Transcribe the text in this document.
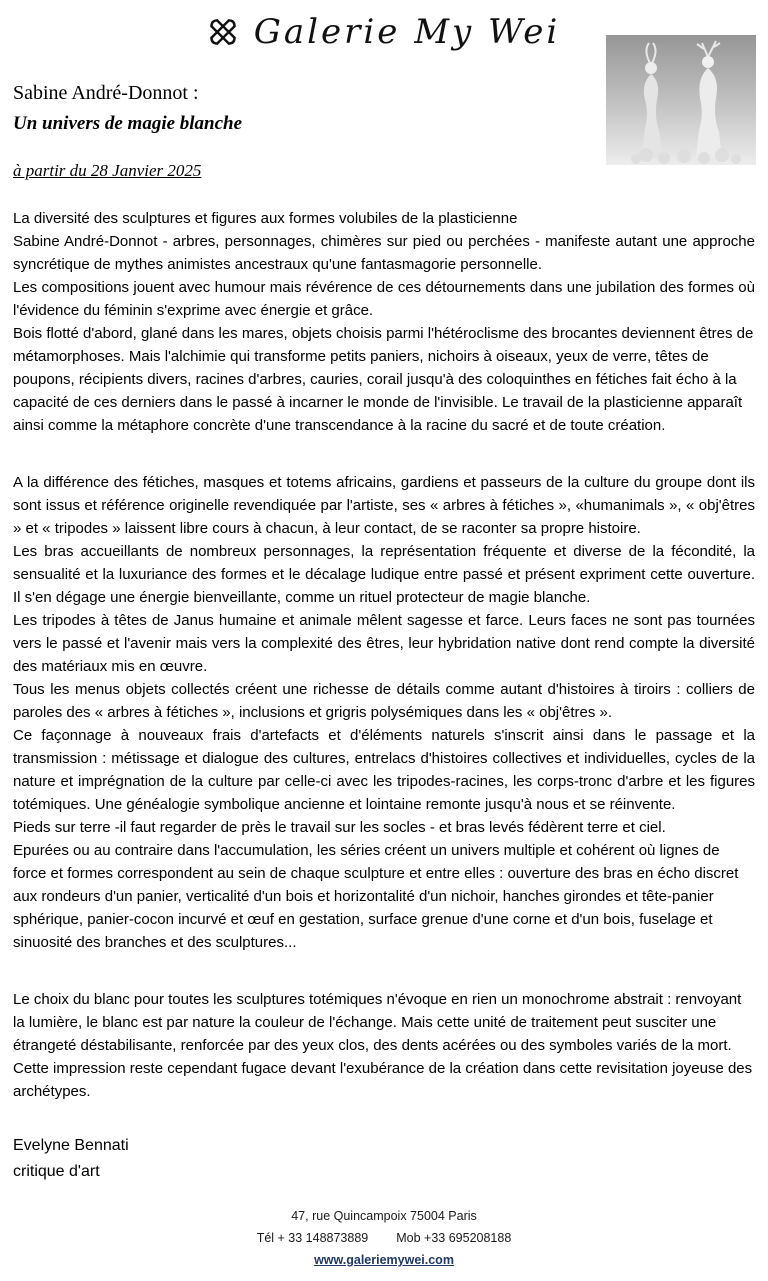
Galerie My Wei

Sabine André-Donnot :

Un univers de magie blanche

à partir du 28 Janvier 2025

La diversité des sculptures et figures aux formes volubiles de la plasticienne

Sabine André-Donnot - arbres, personnages, chimères sur pied ou perchées - manifeste autant une approche syncrétique de mythes animistes ancestraux qu'une fantasmagorie personnelle.

Les compositions jouent avec humour mais révérence de ces détournements dans une jubilation des formes où l'évidence du féminin s'exprime avec énergie et grâce.

Bois flotté d'abord, glané dans les mares, objets choisis parmi l'hétéroclisme des brocantes deviennent êtres de métamorphoses. Mais l'alchimie qui transforme petits paniers, nichoirs à oiseaux, yeux de verre, têtes de poupons, récipients divers, racines d'arbres, cauries, corail jusqu'à des coloquinthes en fétiches fait écho à la capacité de ces derniers dans le passé à incarner le monde de l'invisible. Le travail de la plasticienne apparaît ainsi comme la métaphore concrète d'une transcendance à la racine du sacré et de toute création.

A la différence des fétiches, masques et totems africains, gardiens et passeurs de la culture du groupe dont ils sont issus et référence originelle revendiquée par l'artiste, ses « arbres à fétiches », «humanimals », « obj'êtres » et « tripodes » laissent libre cours à chacun, à leur contact, de se raconter sa propre histoire.

Les bras accueillants de nombreux personnages, la représentation fréquente et diverse de la fécondité, la sensualité et la luxuriance des formes et le décalage ludique entre passé et présent expriment cette ouverture. Il s'en dégage une énergie bienveillante, comme un rituel protecteur de magie blanche.

Les tripodes à têtes de Janus humaine et animale mêlent sagesse et farce. Leurs faces ne sont pas tournées vers le passé et l'avenir mais vers la complexité des êtres, leur hybridation native dont rend compte la diversité des matériaux mis en œuvre.

Tous les menus objets collectés créent une richesse de détails comme autant d'histoires à tiroirs : colliers de paroles des « arbres à fétiches », inclusions et grigris polysémiques dans les « obj'êtres ».

Ce façonnage à nouveaux frais d'artefacts et d'éléments naturels s'inscrit ainsi dans le passage et la transmission : métissage et dialogue des cultures, entrelacs d'histoires collectives et individuelles, cycles de la nature et imprégnation de la culture par celle-ci avec les tripodes-racines, les corps-tronc d'arbre et les figures totémiques. Une généalogie symbolique ancienne et lointaine remonte jusqu'à nous et se réinvente.

Pieds sur terre -il faut regarder de près le travail sur les socles - et bras levés fédèrent terre et ciel.

Epurées ou au contraire dans l'accumulation, les séries créent un univers multiple et cohérent où lignes de force et formes correspondent au sein de chaque sculpture et entre elles : ouverture des bras en écho discret aux rondeurs d'un panier, verticalité d'un bois et horizontalité d'un nichoir, hanches girondes et tête-panier sphérique, panier-cocon incurvé et œuf en gestation, surface grenue d'une corne et d'un bois, fuselage et sinuosité des branches et des sculptures...

Le choix du blanc pour toutes les sculptures totémiques n'évoque en rien un monochrome abstrait : renvoyant la lumière, le blanc est par nature la couleur de l'échange. Mais cette unité de traitement peut susciter une étrangeté déstabilisante, renforcée par des yeux clos, des dents acérées ou des symboles variés de la mort. Cette impression reste cependant fugace devant l'exubérance de la création dans cette revisitation joyeuse des archétypes.

Evelyne Bennati
critique d'art
47, rue Quincampoix 75004 Paris
Tél + 33 148873889 Mob +33 695208188
www.galeriemywei.com
